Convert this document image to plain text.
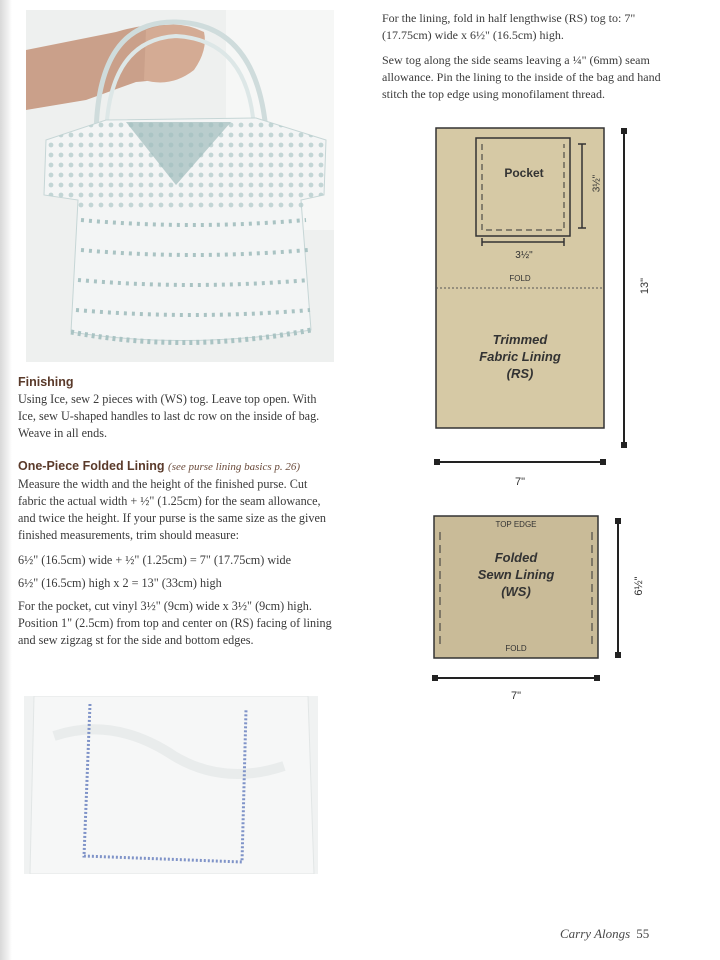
Finishing

Using Ice, sew 2 pieces with (WS) tog. Leave top open. With Ice, sew U-shaped handles to last dc row on the inside of bag. Weave in all ends.

One-Piece Folded Lining (see purse lining basics p. 26)

Measure the width and the height of the finished purse. Cut fabric the actual width + ½" (1.25cm) for the seam allowance, and twice the height. If your purse is the same size as the given finished measurements, trim should measure:

6½" (16.5cm) wide + ½" (1.25cm) = 7" (17.75cm) wide

6½" (16.5cm) high x 2 = 13" (33cm) high

For the pocket, cut vinyl 3½" (9cm) wide x 3½" (9cm) high. Position 1" (2.5cm) from top and center on (RS) facing of lining and sew zigzag st for the side and bottom edges.

For the lining, fold in half lengthwise (RS) tog to: 7" (17.75cm) wide x 6½" (16.5cm) high.

Sew tog along the side seams leaving a ¼" (6mm) seam allowance. Pin the lining to the inside of the bag and hand stitch the top edge using monofilament thread.

Pocket
3½"
3½"
FOLD
Trimmed
Fabric Lining
(RS)
13"
7"
TOP EDGE
Folded
Sewn Lining
(WS)
FOLD
6½"
7"
Carry Alongs 55
